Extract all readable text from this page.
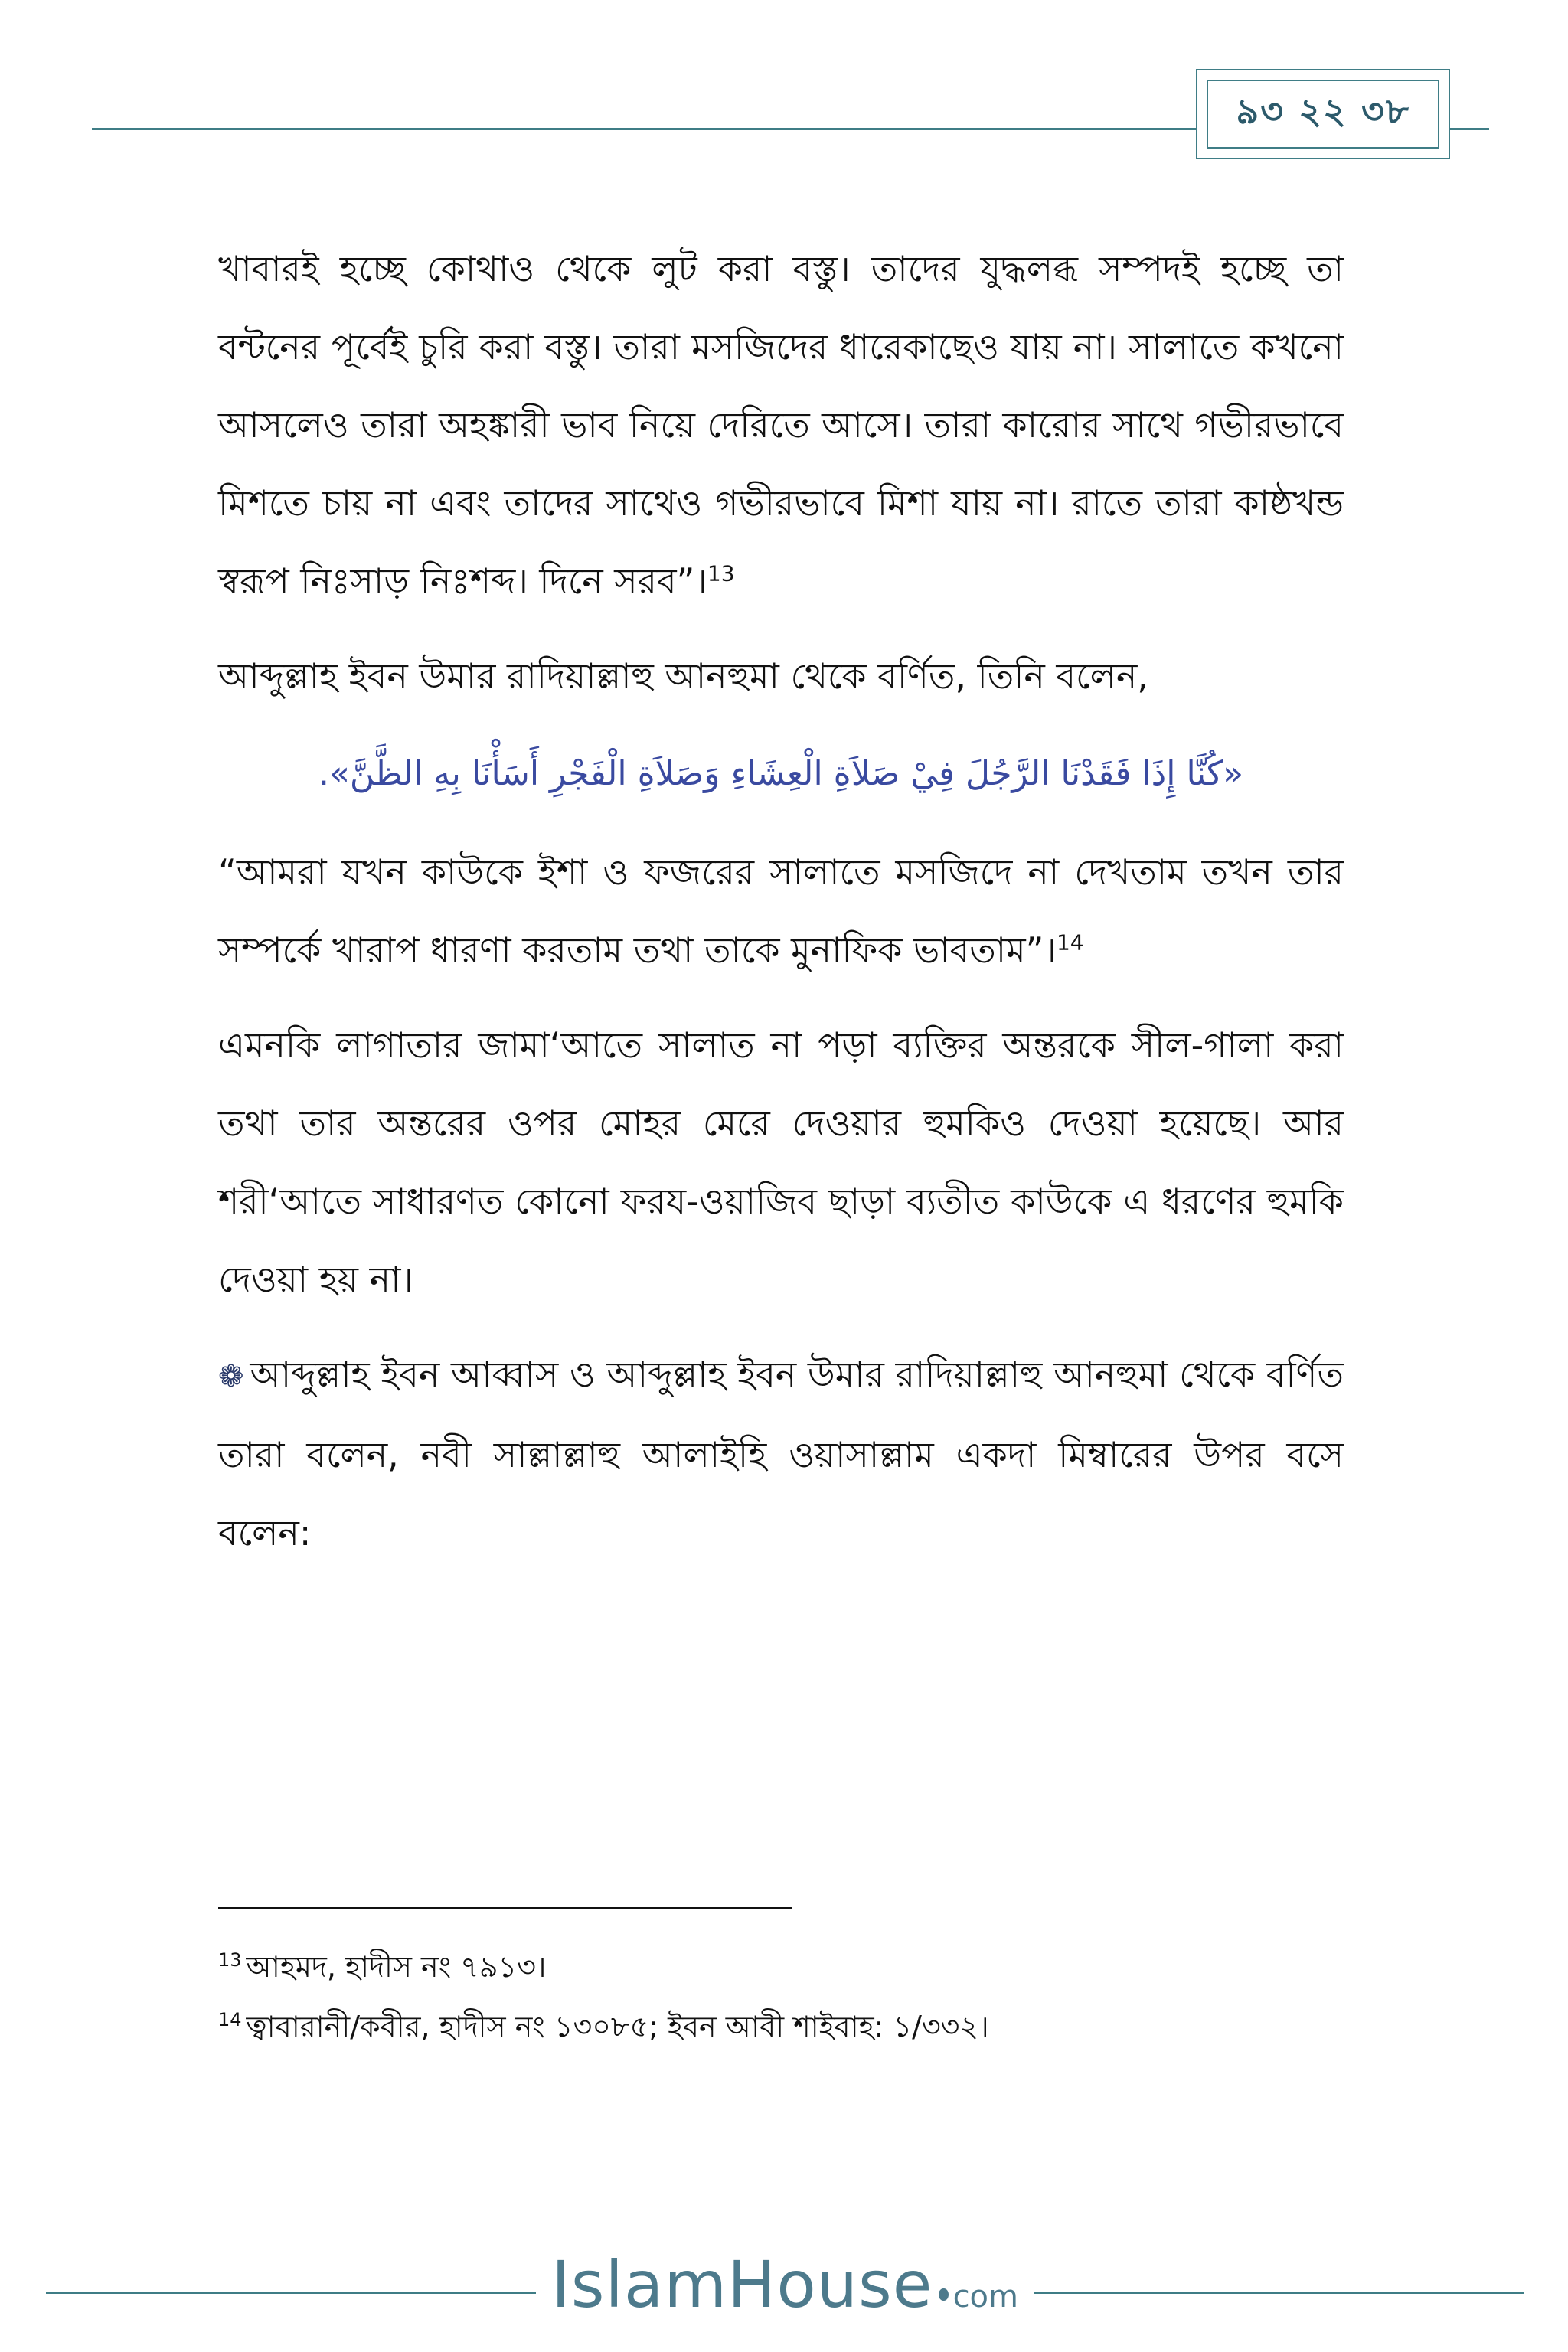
৯৩ ২২ ৩৮

খাবারই হচ্ছে কোথাও থেকে লুট করা বস্তু। তাদের যুদ্ধলব্ধ সম্পদই হচ্ছে তা বন্টনের পূর্বেই চুরি করা বস্তু। তারা মসজিদের ধারেকাছেও যায় না। সালাতে কখনো আসলেও তারা অহঙ্কারী ভাব নিয়ে দেরিতে আসে। তারা কারোর সাথে গভীরভাবে মিশতে চায় না এবং তাদের সাথেও গভীরভাবে মিশা যায় না। রাতে তারা কাষ্ঠখন্ড স্বরূপ নিঃসাড় নিঃশব্দ। দিনে সরব”।$^{13}$

আব্দুল্লাহ ইবন উমার রাদিয়াল্লাহু আনহুমা থেকে বর্ণিত, তিনি বলেন,

«كُنَّا إِذَا فَقَدْنَا الرَّجُلَ فِيْ صَلاَةِ الْعِشَاءِ وَصَلاَةِ الْفَجْرِ أَسَأْنَا بِهِ الظَّنَّ».

“আমরা যখন কাউকে ইশা ও ফজরের সালাতে মসজিদে না দেখতাম তখন তার সম্পর্কে খারাপ ধারণা করতাম তথা তাকে মুনাফিক ভাবতাম”।$^{14}$

এমনকি লাগাতার জামা‘আতে সালাত না পড়া ব্যক্তির অন্তরকে সীল-গালা করা তথা তার অন্তরের ওপর মোহর মেরে দেওয়ার হুমকিও দেওয়া হয়েছে। আর শরী‘আতে সাধারণত কোনো ফরয-ওয়াজিব ছাড়া ব্যতীত কাউকে এ ধরণের হুমকি দেওয়া হয় না।

❁ আব্দুল্লাহ ইবন আব্বাস ও আব্দুল্লাহ ইবন উমার রাদিয়াল্লাহু আনহুমা থেকে বর্ণিত তারা বলেন, নবী সাল্লাল্লাহু আলাইহি ওয়াসাল্লাম একদা মিম্বারের উপর বসে বলেন:

$^{13}$ আহমদ, হাদীস নং ৭৯১৩।
$^{14}$ ত্বাবারানী/কবীর, হাদীস নং ১৩০৮৫; ইবন আবী শাইবাহ: ১/৩৩২।
IslamHouse com
